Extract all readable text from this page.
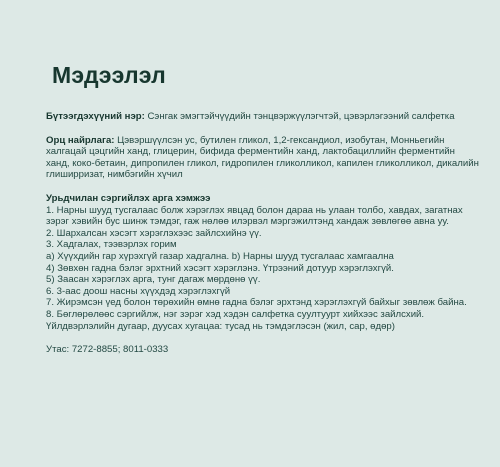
Мэдээлэл

Бүтээгдэхүүний нэр: Сэнгак эмэгтэйчүүдийн тэнцвэржүүлэгчтэй, цэвэрлэгээний салфетка

Орц найрлага: Цэвэршүүлсэн ус, бутилен гликол, 1,2-гександиол, изобутан, Монньегийн халгацай цэцгийн ханд, глицерин, бифида ферментийн ханд, лактобациллийн ферментийн ханд, коко-бетаин, дипропилен гликол, гидропилен гликолликол, капилен гликолликол, дикалийн глиширризат, нимбэгийн хүчил

Урьдчилан сэргийлэх арга хэмжээ

1. Нарны шууд тусгалаас болж хэрэглэх явцад болон дараа нь улаан толбо, хавдах, загатнах зэрэг хэвийн бус шинж тэмдэг, гаж нөлөө илэрвэл мэргэжилтэнд хандаж зөвлөгөө авна уу.

2. Шархалсан хэсэгт хэрэглэхээс зайлсхийнэ үү.

3. Хадгалах, тээвэрлэх горим

a) Хүүхдийн гар хүрэхгүй газар хадгална. b) Нарны шууд тусгалаас хамгаална

4) Зөвхөн гадна бэлэг эрхтний хэсэгт хэрэглэнэ. Үтрээний дотуур хэрэглэхгүй.

5) Заасан хэрэглэх арга, тунг дагаж мөрдөнө үү.

6. 3-аас доош насны хүүхдэд хэрэглэхгүй

7. Жирэмсэн үед болон төрөхийн өмнө гадна бэлэг эрхтэнд хэрэглэхгүй байхыг зөвлөж байна.

8. Бөглөрөлөөс сэргийлж, нэг зэрэг хэд хэдэн салфетка суултуурт хийхээс зайлсхий. Үйлдвэрлэлийн дугаар, дуусах хугацаа: тусад нь тэмдэглэсэн (жил, сар, өдөр)

Утас: 7272-8855; 8011-0333
